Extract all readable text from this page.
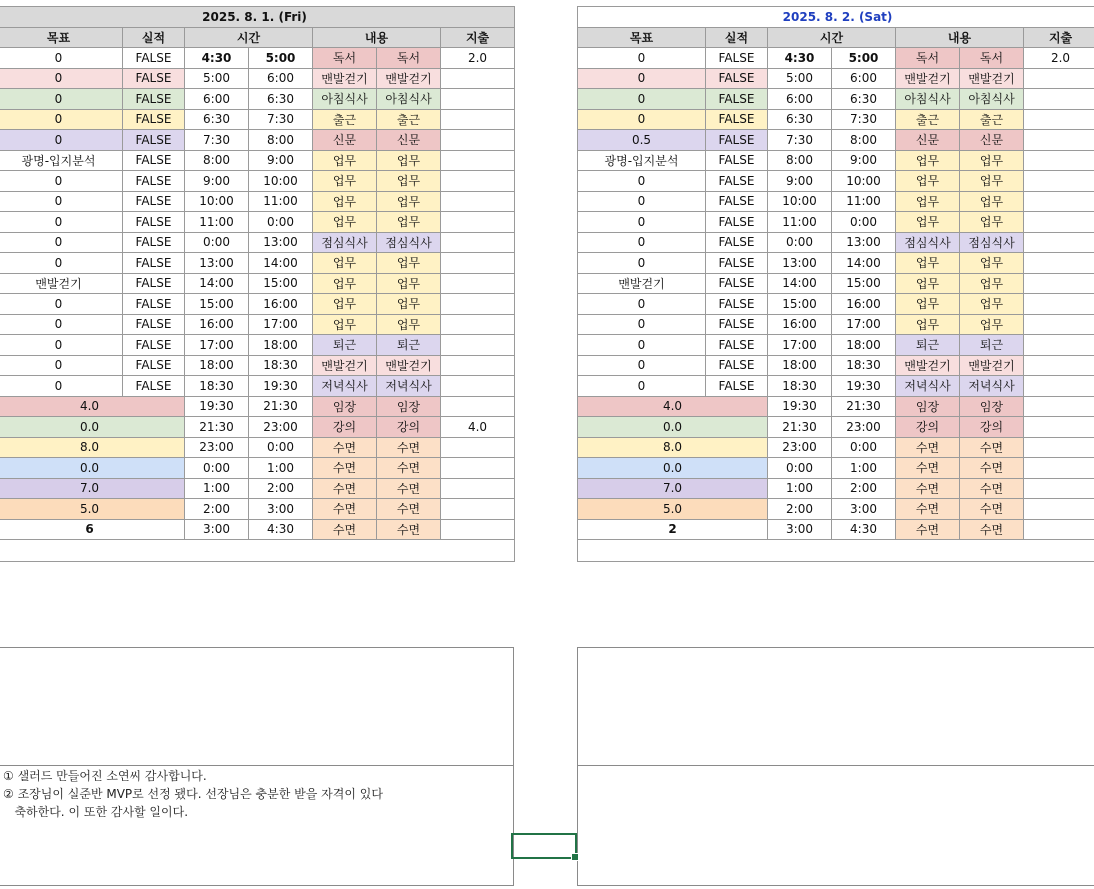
2025. 8. 1. (Fri)						
목표	실적	시간		내용		지출
0	FALSE	4:30	5:00	독서	독서	2.0
0	FALSE	5:00	6:00	맨발걷기	맨발걷기	
0	FALSE	6:00	6:30	아침식사	아침식사	
0	FALSE	6:30	7:30	출근	출근	
0	FALSE	7:30	8:00	신문	신문	
광명-입지분석	FALSE	8:00	9:00	업무	업무	
0	FALSE	9:00	10:00	업무	업무	
0	FALSE	10:00	11:00	업무	업무	
0	FALSE	11:00	0:00	업무	업무	
0	FALSE	0:00	13:00	점심식사	점심식사	
0	FALSE	13:00	14:00	업무	업무	
맨발걷기	FALSE	14:00	15:00	업무	업무	
0	FALSE	15:00	16:00	업무	업무	
0	FALSE	16:00	17:00	업무	업무	
0	FALSE	17:00	18:00	퇴근	퇴근	
0	FALSE	18:00	18:30	맨발걷기	맨발걷기	
0	FALSE	18:30	19:30	저녁식사	저녁식사	
4.0		19:30	21:30	임장	임장	
0.0		21:30	23:00	강의	강의	4.0
8.0		23:00	0:00	수면	수면	
0.0		0:00	1:00	수면	수면	
7.0		1:00	2:00	수면	수면	
5.0		2:00	3:00	수면	수면	
6		3:00	4:30	수면	수면	

① 샐러드 만들어진 소연씨 감사합니다.
② 조장님이 실준반 MVP로 선정 됐다. 선장님은 충분한 받을 자격이 있다
축하한다. 이 또한 감사할 일이다.
2025. 8. 2. (Sat)						
목표	실적	시간		내용		지출
0	FALSE	4:30	5:00	독서	독서	2.0
0	FALSE	5:00	6:00	맨발걷기	맨발걷기	
0	FALSE	6:00	6:30	아침식사	아침식사	
0	FALSE	6:30	7:30	출근	출근	
0.5	FALSE	7:30	8:00	신문	신문	
광명-입지분석	FALSE	8:00	9:00	업무	업무	
0	FALSE	9:00	10:00	업무	업무	
0	FALSE	10:00	11:00	업무	업무	
0	FALSE	11:00	0:00	업무	업무	
0	FALSE	0:00	13:00	점심식사	점심식사	
0	FALSE	13:00	14:00	업무	업무	
맨발걷기	FALSE	14:00	15:00	업무	업무	
0	FALSE	15:00	16:00	업무	업무	
0	FALSE	16:00	17:00	업무	업무	
0	FALSE	17:00	18:00	퇴근	퇴근	
0	FALSE	18:00	18:30	맨발걷기	맨발걷기	
0	FALSE	18:30	19:30	저녁식사	저녁식사	
4.0		19:30	21:30	임장	임장	
0.0		21:30	23:00	강의	강의	
8.0		23:00	0:00	수면	수면	
0.0		0:00	1:00	수면	수면	
7.0		1:00	2:00	수면	수면	
5.0		2:00	3:00	수면	수면	
2		3:00	4:30	수면	수면	
